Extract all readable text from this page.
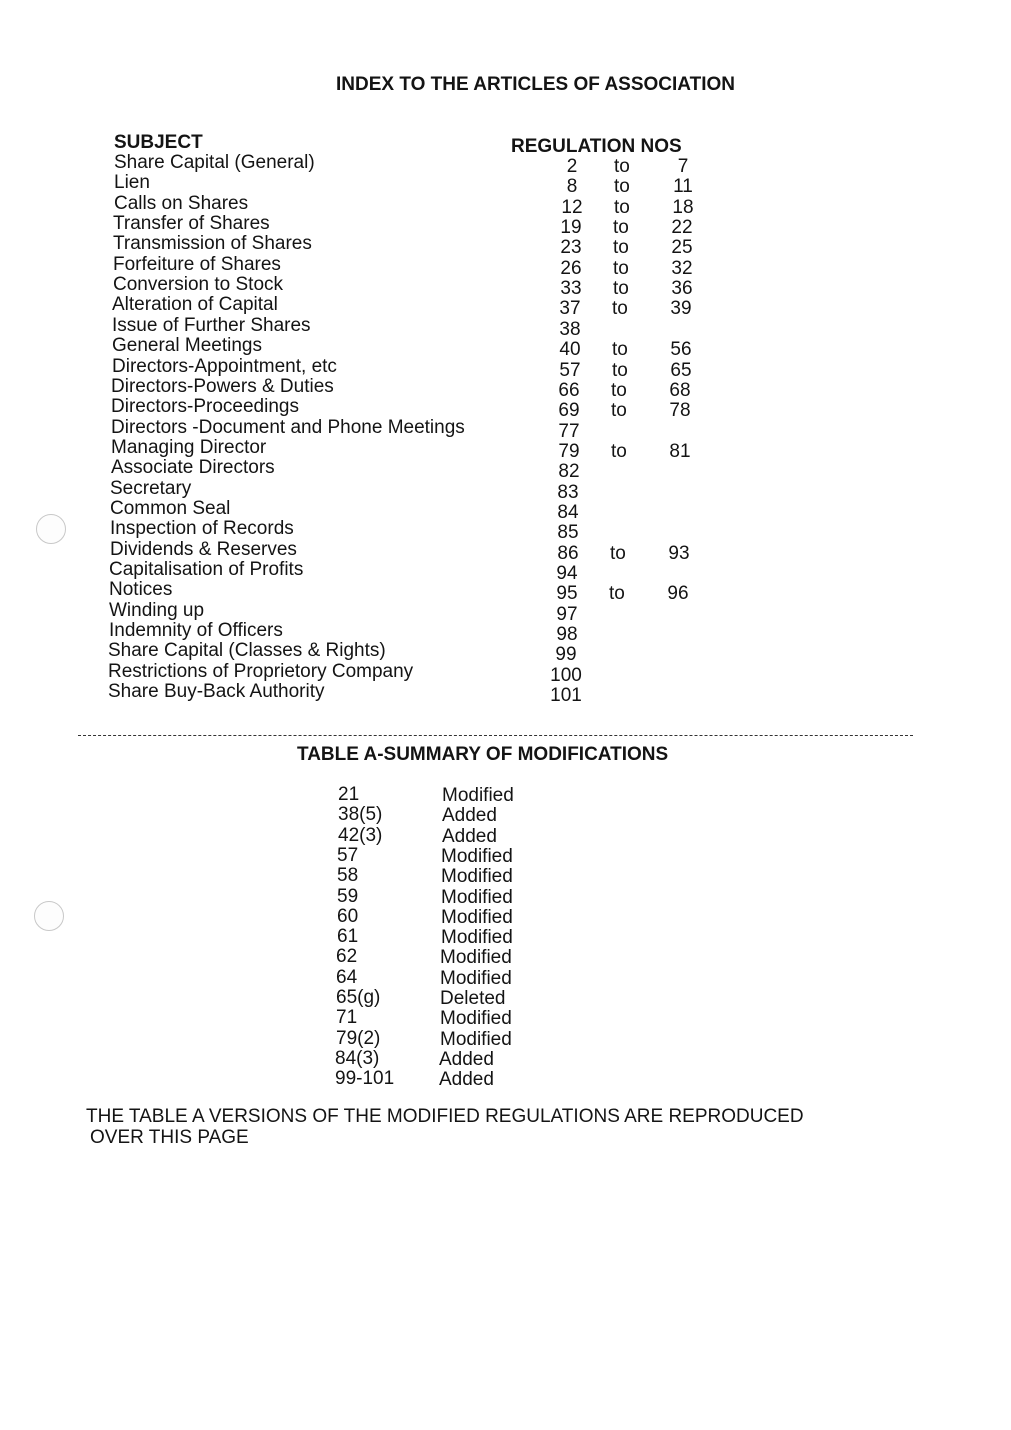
INDEX TO THE ARTICLES OF ASSOCIATION
SUBJECT	REGULATION NOS
Share Capital (General)	2	to	7
Lien	8	to	11
Calls on Shares	12	to	18
Transfer of Shares	19	to	22
Transmission of Shares	23	to	25
Forfeiture of Shares	26	to	32
Conversion to Stock	33	to	36
Alteration of Capital	37	to	39
Issue of Further Shares	38
General Meetings	40	to	56
Directors-Appointment, etc	57	to	65
Directors-Powers & Duties	66	to	68
Directors-Proceedings	69	to	78
Directors -Document and Phone Meetings	77
Managing Director	79	to	81
Associate Directors	82
Secretary	83
Common Seal	84
Inspection of Records	85
Dividends & Reserves	86	to	93
Capitalisation of Profits	94
Notices	95	to	96
Winding up	97
Indemnity of Officers	98
Share Capital (Classes & Rights)	99
Restrictions of Proprietory Company	100
Share Buy-Back Authority	101
TABLE A-SUMMARY OF MODIFICATIONS
21	Modified
38(5)	Added
42(3)	Added
57	Modified
58	Modified
59	Modified
60	Modified
61	Modified
62	Modified
64	Modified
65(g)	Deleted
71	Modified
79(2)	Modified
84(3)	Added
99-101 Added
THE TABLE A VERSIONS OF THE MODIFIED REGULATIONS ARE REPRODUCED
OVER THIS PAGE
